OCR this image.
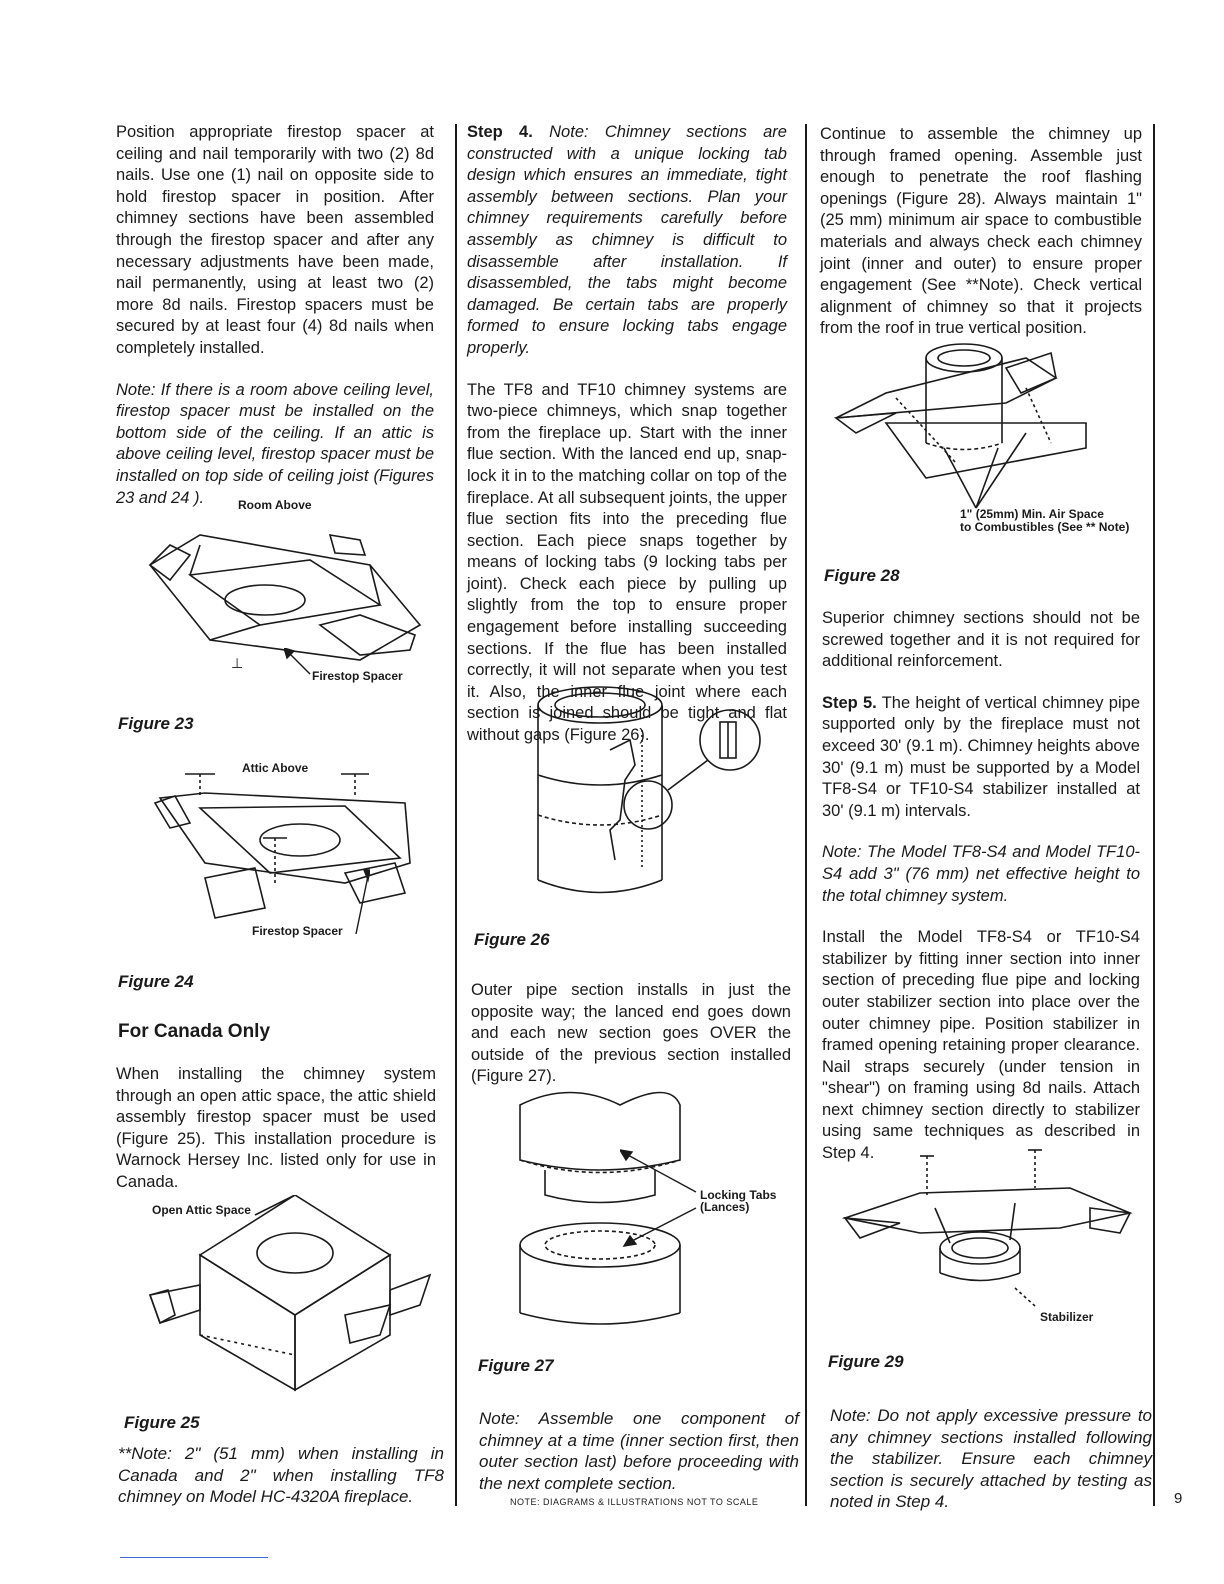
Position appropriate firestop spacer at ceiling and nail temporarily with two (2) 8d nails. Use one (1) nail on opposite side to hold firestop spacer in position. After chimney sections have been assembled through the firestop spacer and after any necessary adjustments have been made, nail permanently, using at least two (2) more 8d nails. Firestop spacers must be secured by at least four (4) 8d nails when completely installed.

Note: If there is a room above ceiling level, firestop spacer must be installed on the bottom side of the ceiling. If an attic is above ceiling level, firestop spacer must be installed on top side of ceiling joist (Figures 23 and 24 ).	Room Above
⊥
Firestop Spacer
Figure 23
Attic Above
Firestop Spacer
Figure 24
For Canada Only

When installing the chimney system through an open attic space, the attic shield assembly firestop spacer must be used (Figure 25). This installation procedure is Warnock Hersey Inc. listed only for use in Canada.

Open Attic Space
Figure 25

**Note: 2" (51 mm) when installing in Canada and 2" when installing TF8 chimney on Model HC-4320A fireplace.

Step 4. Note: Chimney sections are constructed with a unique locking tab design which ensures an immediate, tight assembly between sections. Plan your chimney requirements carefully before assembly as chimney is difficult to disassemble after installation. If disassembled, the tabs might become damaged. Be certain tabs are properly formed to ensure locking tabs engage properly.

The TF8 and TF10 chimney systems are two-piece chimneys, which snap together from the fireplace up. Start with the inner flue section. With the lanced end up, snap-lock it in to the matching collar on top of the fireplace. At all subsequent joints, the upper flue section fits into the preceding flue section. Each piece snaps together by means of locking tabs (9 locking tabs per joint). Check each piece by pulling up slightly from the top to ensure proper engagement before installing succeeding sections. If the flue has been installed correctly, it will not separate when you test it. Also, the inner flue joint where each section is joined should be tight and flat without gaps (Figure 26).

Figure 26

Outer pipe section installs in just the opposite way; the lanced end goes down and each new section goes OVER the outside of the previous section installed (Figure 27).

Locking Tabs
(Lances)
Figure 27

Note: Assemble one component of chimney at a time (inner section first, then outer section last) before proceeding with the next complete section.

NOTE: DIAGRAMS & ILLUSTRATIONS NOT TO SCALE

Continue to assemble the chimney up through framed opening. Assemble just enough to penetrate the roof flashing openings (Figure 28). Always maintain 1" (25 mm) minimum air space to combustible materials and always check each chimney joint (inner and outer) to ensure proper engagement (See **Note). Check vertical alignment of chimney so that it projects from the roof in true vertical position.

1" (25mm) Min. Air Space
to Combustibles (See ** Note)
Figure 28

Superior chimney sections should not be screwed together and it is not required for additional reinforcement.

Step 5. The height of vertical chimney pipe supported only by the fireplace must not exceed 30' (9.1 m). Chimney heights above 30' (9.1 m) must be supported by a Model TF8-S4 or TF10-S4 stabilizer installed at 30' (9.1 m) intervals.

Note: The Model TF8-S4 and Model TF10-S4 add 3" (76 mm) net effective height to the total chimney system.

Install the Model TF8-S4 or TF10-S4 stabilizer by fitting inner section into inner section of preceding flue pipe and locking outer stabilizer section into place over the outer chimney pipe. Position stabilizer in framed opening retaining proper clearance. Nail straps securely (under tension in "shear") on framing using 8d nails. Attach next chimney section directly to stabilizer using same techniques as described in Step 4.

Stabilizer
Figure 29

Note: Do not apply excessive pressure to any chimney sections installed following the stabilizer. Ensure each chimney section is securely attached by testing as noted in Step 4.	9
